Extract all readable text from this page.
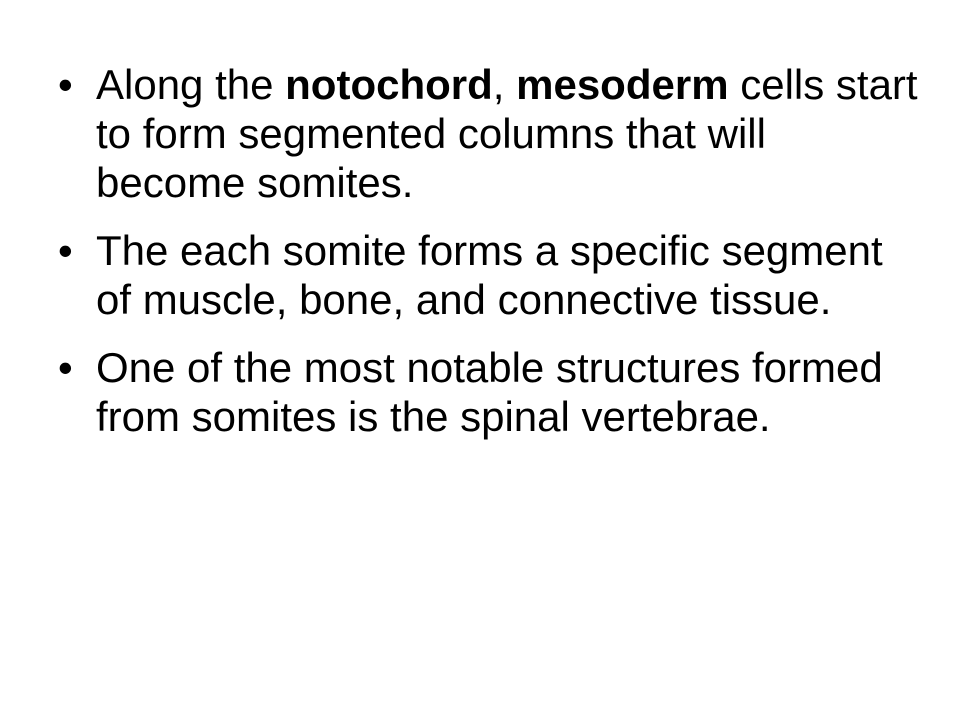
• Along the notochord, mesoderm cells start to form segmented columns that will become somites.
• The each somite forms a specific segment of muscle, bone, and connective tissue.
• One of the most notable structures formed from somites is the spinal vertebrae.
